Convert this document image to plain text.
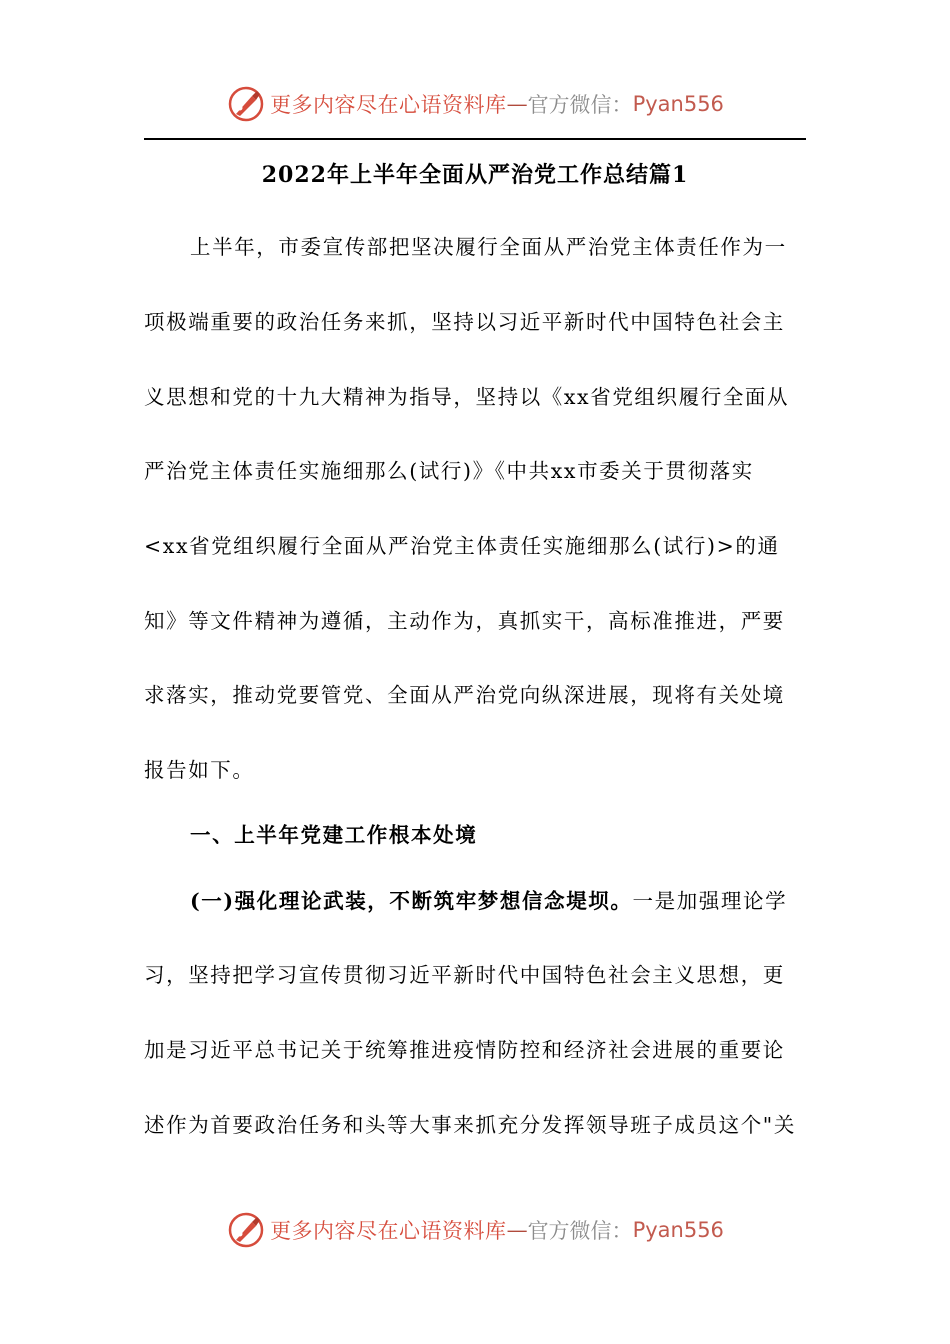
更多内容尽在心语资料库 — 官方微信： Pyan556
2022年上半年全面从严治党工作总结篇1
上半年，市委宣传部把坚决履行全面从严治党主体责任作为一
项极端重要的政治任务来抓，坚持以习近平新时代中国特色社会主
义思想和党的十九大精神为指导，坚持以《xx省党组织履行全面从
严治党主体责任实施细那么(试行)》《中共xx市委关于贯彻落实
<xx省党组织履行全面从严治党主体责任实施细那么(试行)>的通
知》等文件精神为遵循，主动作为，真抓实干，高标准推进，严要
求落实，推动党要管党、全面从严治党向纵深进展，现将有关处境
报告如下。
一、上半年党建工作根本处境
(一)强化理论武装，不断筑牢梦想信念堤坝。一是加强理论学
习，坚持把学习宣传贯彻习近平新时代中国特色社会主义思想，更
加是习近平总书记关于统筹推进疫情防控和经济社会进展的重要论
述作为首要政治任务和头等大事来抓充分发挥领导班子成员这个"关
更多内容尽在心语资料库 — 官方微信： Pyan556
